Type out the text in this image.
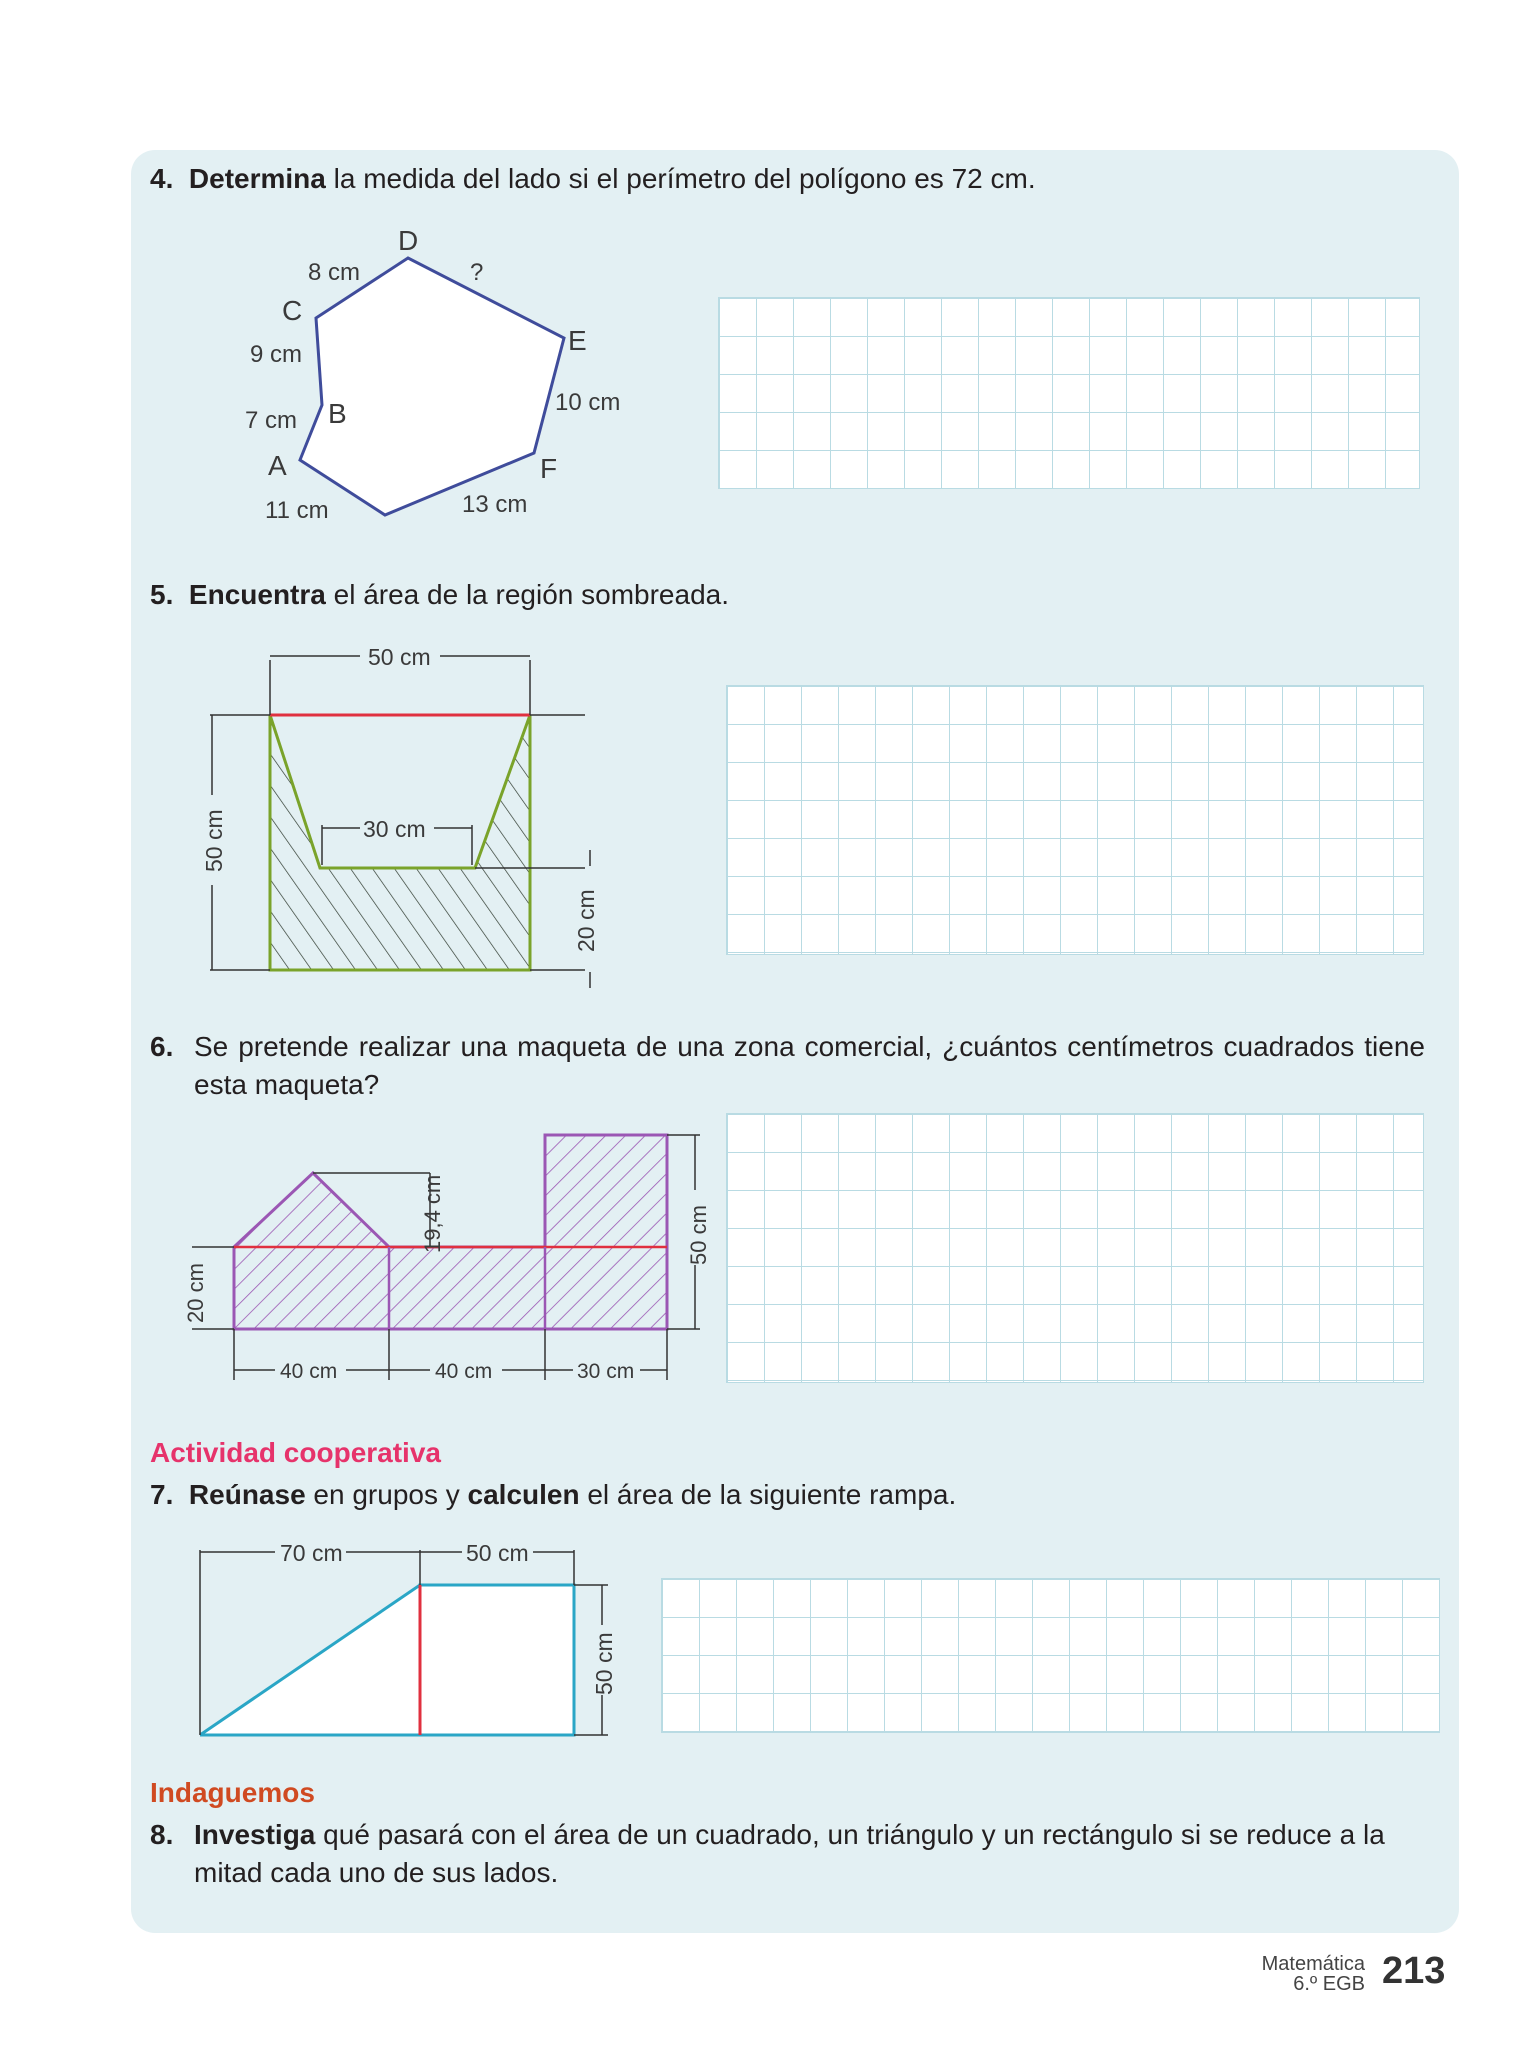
4. Determina la medida del lado si el perímetro del polígono es 72 cm.
D
C
E
B
A	F
8 cm	?
9 cm
10 cm
7 cm
11 cm	13 cm
5. Encuentra el área de la región sombreada.
50 cm
30 cm
50 cm
20 cm
6. Se pretende realizar una maqueta de una zona comercial, ¿cuántos centímetros cuadrados tiene esta maqueta?
19,4 cm
20 cm
50 cm
40 cm	40 cm	30 cm
Actividad cooperativa
7. Reúnase en grupos y calculen el área de la siguiente rampa.
70 cm	50 cm
50 cm
Indaguemos
8. Investiga qué pasará con el área de un cuadrado, un triángulo y un rectángulo si se reduce a la mitad cada uno de sus lados.
Matemática
6.º EGB 213
